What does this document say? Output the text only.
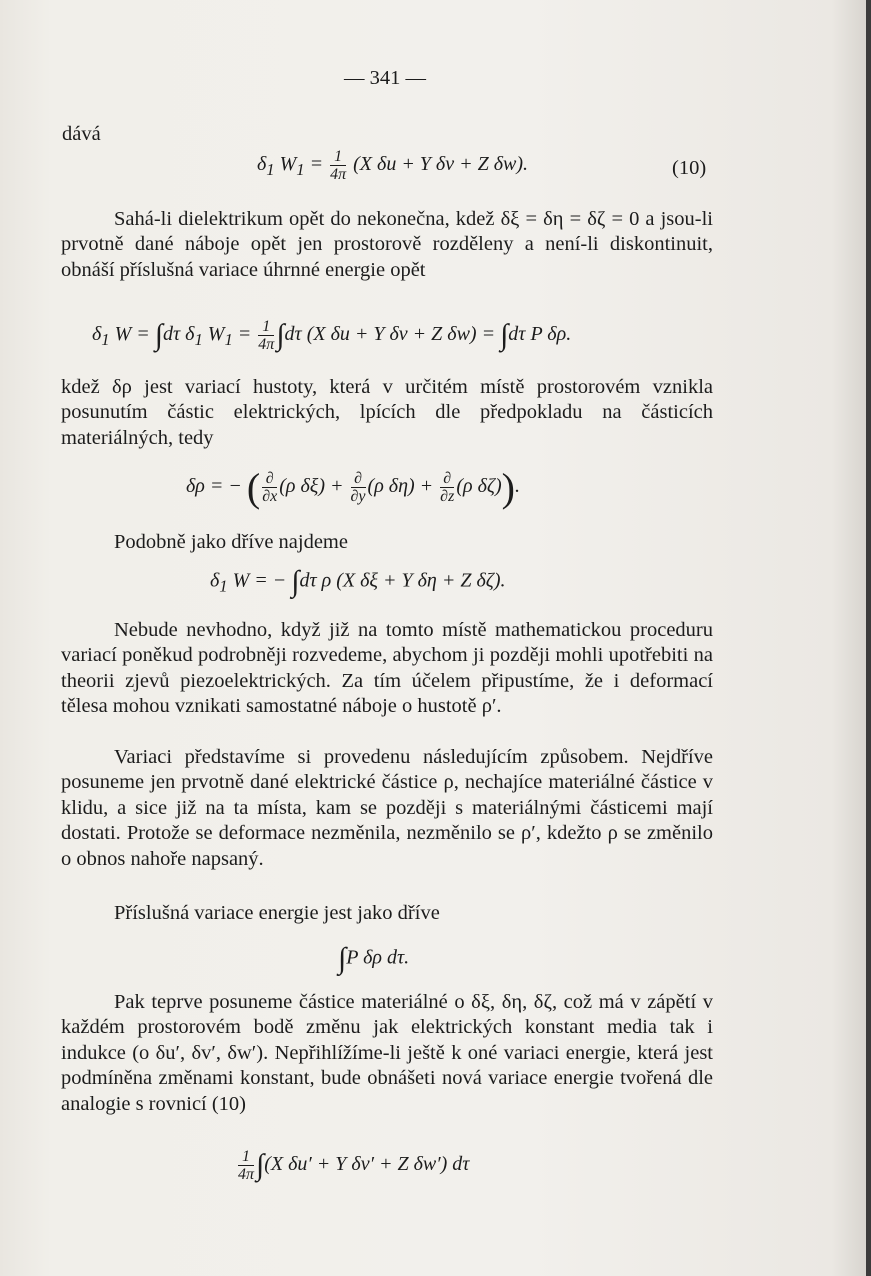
— 341 —
dává
$\delta_1$ $W_1 = \frac{1}{4\pi} (X$ δu + Y δv + Z δw).	(10)
Sahá-li dielektrikum opět do nekonečna, kdež δξ = δη = δζ = 0 a jsou-li prvotně dané náboje opět jen prostorově rozděleny a není-li diskontinuit, obnáší příslušná variace úhrnné energie opět
$\delta_1$ W = ∫dτ $\delta_1$ $W_1 = \frac{1}{4\pi} \int d\tau$ (X δu + Y δv + Z δw) = ∫dτ P δρ.
kdež δρ jest variací hustoty, která v určitém místě prostorovém vznikla posunutím částic elektrických, lpících dle předpokladu na částicích materiálných, tedy
δρ = − ( $\frac{\partial}{\partial x} (\rho$ $\delta\xi) + \frac{\partial}{\partial y} (\rho$ $\delta\eta) + \frac{\partial}{\partial z} (\rho$ δζ)).
Podobně jako dříve najdeme
$\delta_1$ W = − ∫dτ ρ (X δξ + Y δη + Z δζ).
Nebude nevhodno, když již na tomto místě mathematickou proceduru variací poněkud podrobněji rozvedeme, abychom ji později mohli upotřebiti na theorii zjevů piezoelektrických. Za tím účelem připustíme, že i deformací tělesa mohou vznikati samostatné náboje o hustotě ρ′.
Variaci představíme si provedenu následujícím způsobem. Nejdříve posuneme jen prvotně dané elektrické částice ρ, nechajíce materiálné částice v klidu, a sice již na ta místa, kam se později s materiálnými částicemi mají dostati. Protože se deformace nezměnila, nezměnilo se ρ′, kdežto ρ se změnilo o obnos nahoře napsaný.
Příslušná variace energie jest jako dříve
∫P δρ dτ.
Pak teprve posuneme částice materiálné o δξ, δη, δζ, což má v zápětí v každém prostorovém bodě změnu jak elektrických konstant media tak i indukce (o δu′, δv′, δw′). Nepřihlížíme-li ještě k oné variaci energie, která jest podmíněna změnami konstant, bude obnášeti nová variace energie tvořená dle analogie s rovnicí (10)
$\frac{1}{4\pi} \int(X$ δu′ + Y δv′ + Z δw′) dτ
